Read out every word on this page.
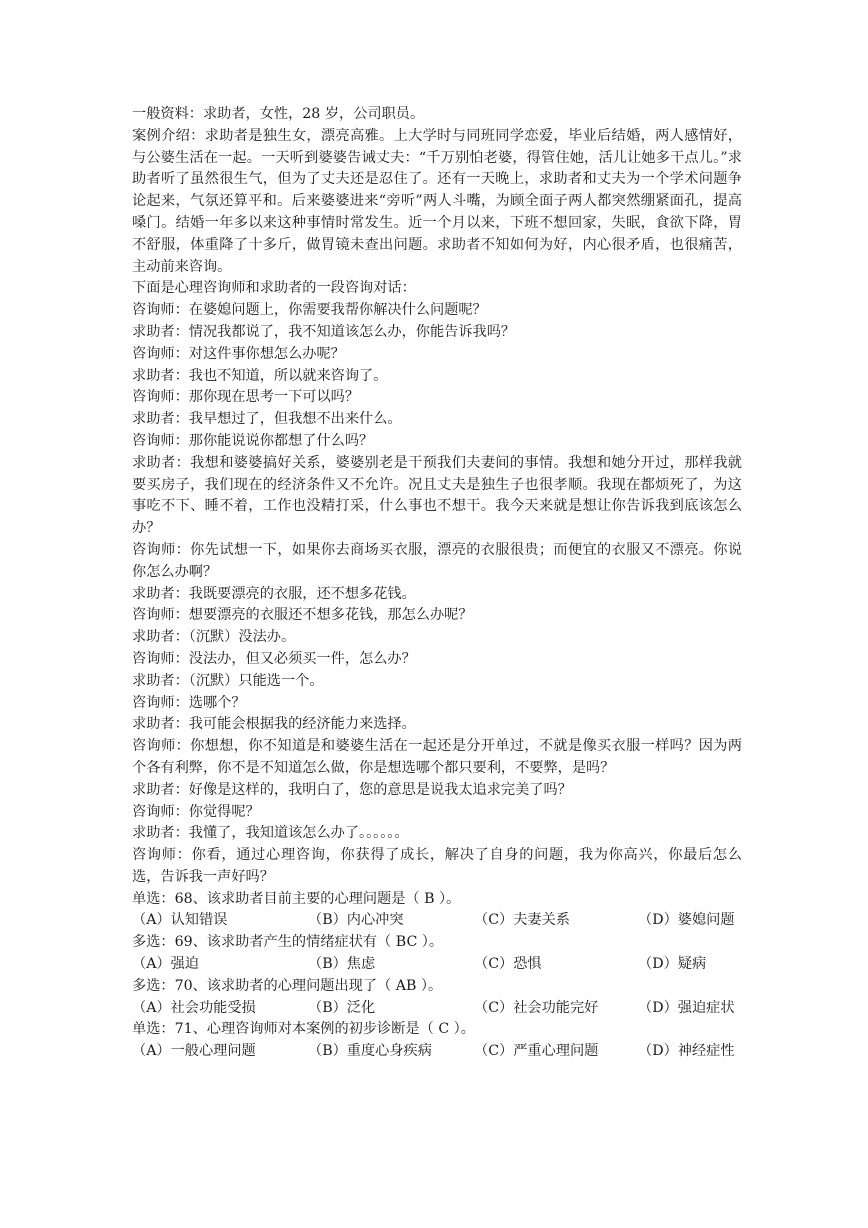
一般资料：求助者，女性，28 岁，公司职员。

案例介绍：求助者是独生女，漂亮高雅。上大学时与同班同学恋爱，毕业后结婚，两人感情好，与公婆生活在一起。一天听到婆婆告诫丈夫：“千万别怕老婆，得管住她，活儿让她多干点儿。”求助者听了虽然很生气，但为了丈夫还是忍住了。还有一天晚上，求助者和丈夫为一个学术问题争论起来，气氛还算平和。后来婆婆进来“旁听”两人斗嘴，为顾全面子两人都突然绷紧面孔，提高嗓门。结婚一年多以来这种事情时常发生。近一个月以来，下班不想回家，失眠，食欲下降，胃不舒服，体重降了十多斤，做胃镜未查出问题。求助者不知如何为好，内心很矛盾，也很痛苦，主动前来咨询。

下面是心理咨询师和求助者的一段咨询对话：

咨询师：在婆媳问题上，你需要我帮你解决什么问题呢？

求助者：情况我都说了，我不知道该怎么办，你能告诉我吗？

咨询师：对这件事你想怎么办呢？

求助者：我也不知道，所以就来咨询了。

咨询师：那你现在思考一下可以吗？

求助者：我早想过了，但我想不出来什么。

咨询师：那你能说说你都想了什么吗？

求助者：我想和婆婆搞好关系，婆婆别老是干预我们夫妻间的事情。我想和她分开过，那样我就要买房子，我们现在的经济条件又不允许。况且丈夫是独生子也很孝顺。我现在都烦死了，为这事吃不下、睡不着，工作也没精打采，什么事也不想干。我今天来就是想让你告诉我到底该怎么办？

咨询师：你先试想一下，如果你去商场买衣服，漂亮的衣服很贵；而便宜的衣服又不漂亮。你说你怎么办啊？

求助者：我既要漂亮的衣服，还不想多花钱。

咨询师：想要漂亮的衣服还不想多花钱，那怎么办呢？

求助者：（沉默）没法办。

咨询师：没法办，但又必须买一件，怎么办？

求助者：（沉默）只能选一个。

咨询师：选哪个？

求助者：我可能会根据我的经济能力来选择。

咨询师：你想想，你不知道是和婆婆生活在一起还是分开单过，不就是像买衣服一样吗？因为两个各有利弊，你不是不知道怎么做，你是想选哪个都只要利，不要弊，是吗？

求助者：好像是这样的，我明白了，您的意思是说我太追求完美了吗？

咨询师：你觉得呢？

求助者：我懂了，我知道该怎么办了。。。。。。

咨询师：你看，通过心理咨询，你获得了成长，解决了自身的问题，我为你高兴，你最后怎么选，告诉我一声好吗？

单选：68、该求助者目前主要的心理问题是（ B ）。

（A）认知错误	（B）内心冲突	（C）夫妻关系	（D）婆媳问题

多选：69、该求助者产生的情绪症状有（ BC ）。

（A）强迫	（B）焦虑	（C）恐惧	（D）疑病

多选：70、该求助者的心理问题出现了（ AB ）。

（A）社会功能受损	（B）泛化	（C）社会功能完好	（D）强迫症状

单选：71、心理咨询师对本案例的初步诊断是（ C ）。

（A）一般心理问题	（B）重度心身疾病	（C）严重心理问题	（D）神经症性
